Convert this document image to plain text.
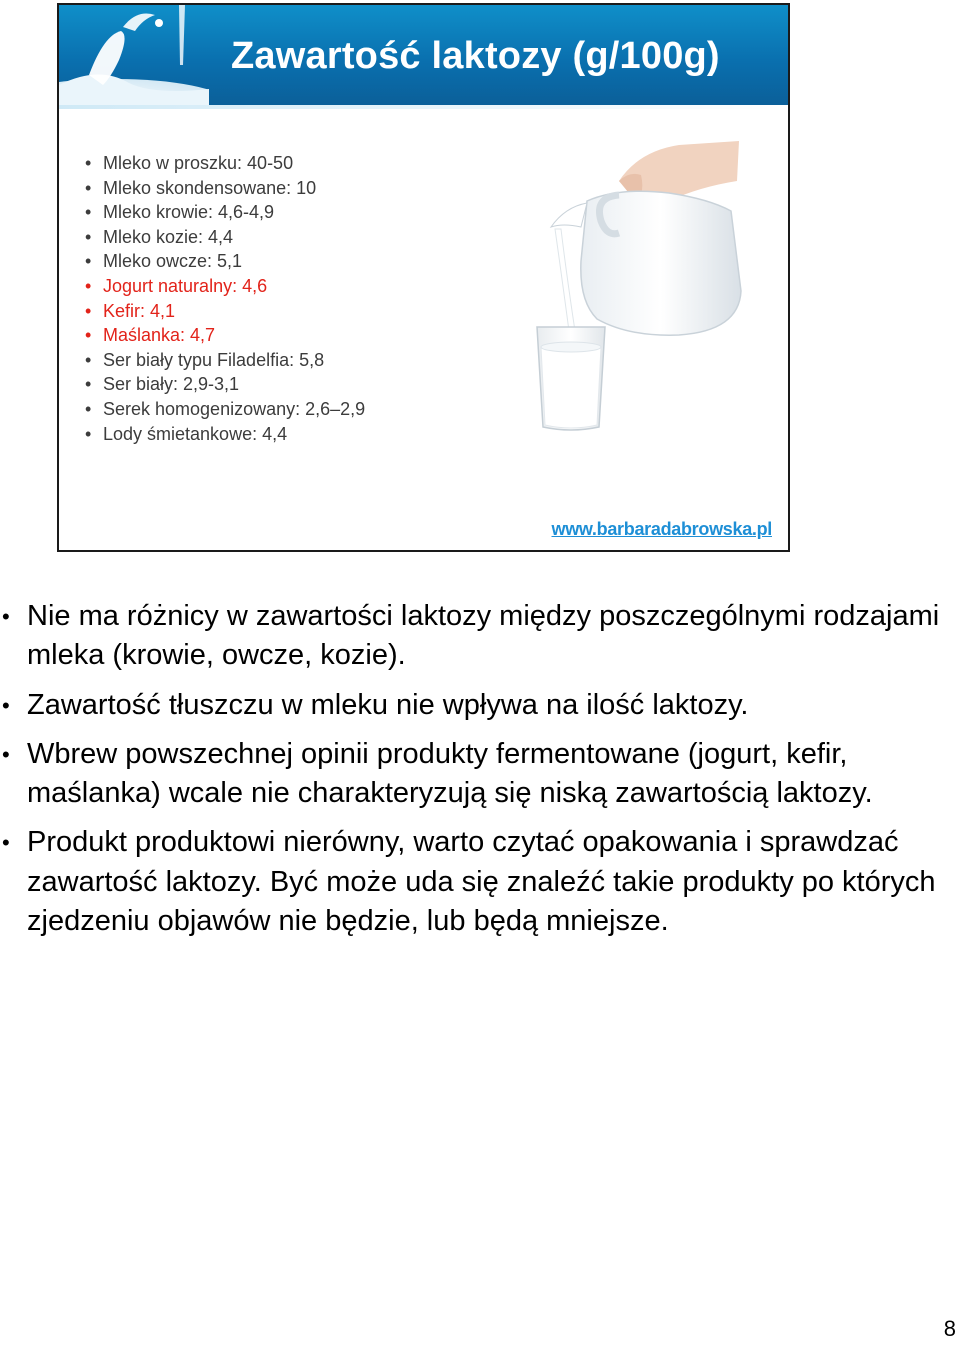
Zawartość laktozy (g/100g)
• Mleko w proszku: 40-50
• Mleko skondensowane: 10
• Mleko krowie: 4,6-4,9
• Mleko kozie: 4,4
• Mleko owcze: 5,1
• Jogurt naturalny: 4,6
• Kefir: 4,1
• Maślanka: 4,7
• Ser biały typu Filadelfia: 5,8
• Ser biały: 2,9-3,1
• Serek homogenizowany: 2,6–2,9
• Lody śmietankowe: 4,4
www.barbaradabrowska.pl
• Nie ma różnicy w zawartości laktozy między poszczególnymi rodzajami mleka (krowie, owcze, kozie).
• Zawartość tłuszczu w mleku nie wpływa na ilość laktozy.
• Wbrew powszechnej opinii produkty fermentowane (jogurt, kefir, maślanka) wcale nie charakteryzują się niską zawartością laktozy.
• Produkt produktowi nierówny, warto czytać opakowania i sprawdzać zawartość laktozy. Być może uda się znaleźć takie produkty po których zjedzeniu objawów nie będzie, lub będą mniejsze.
8
